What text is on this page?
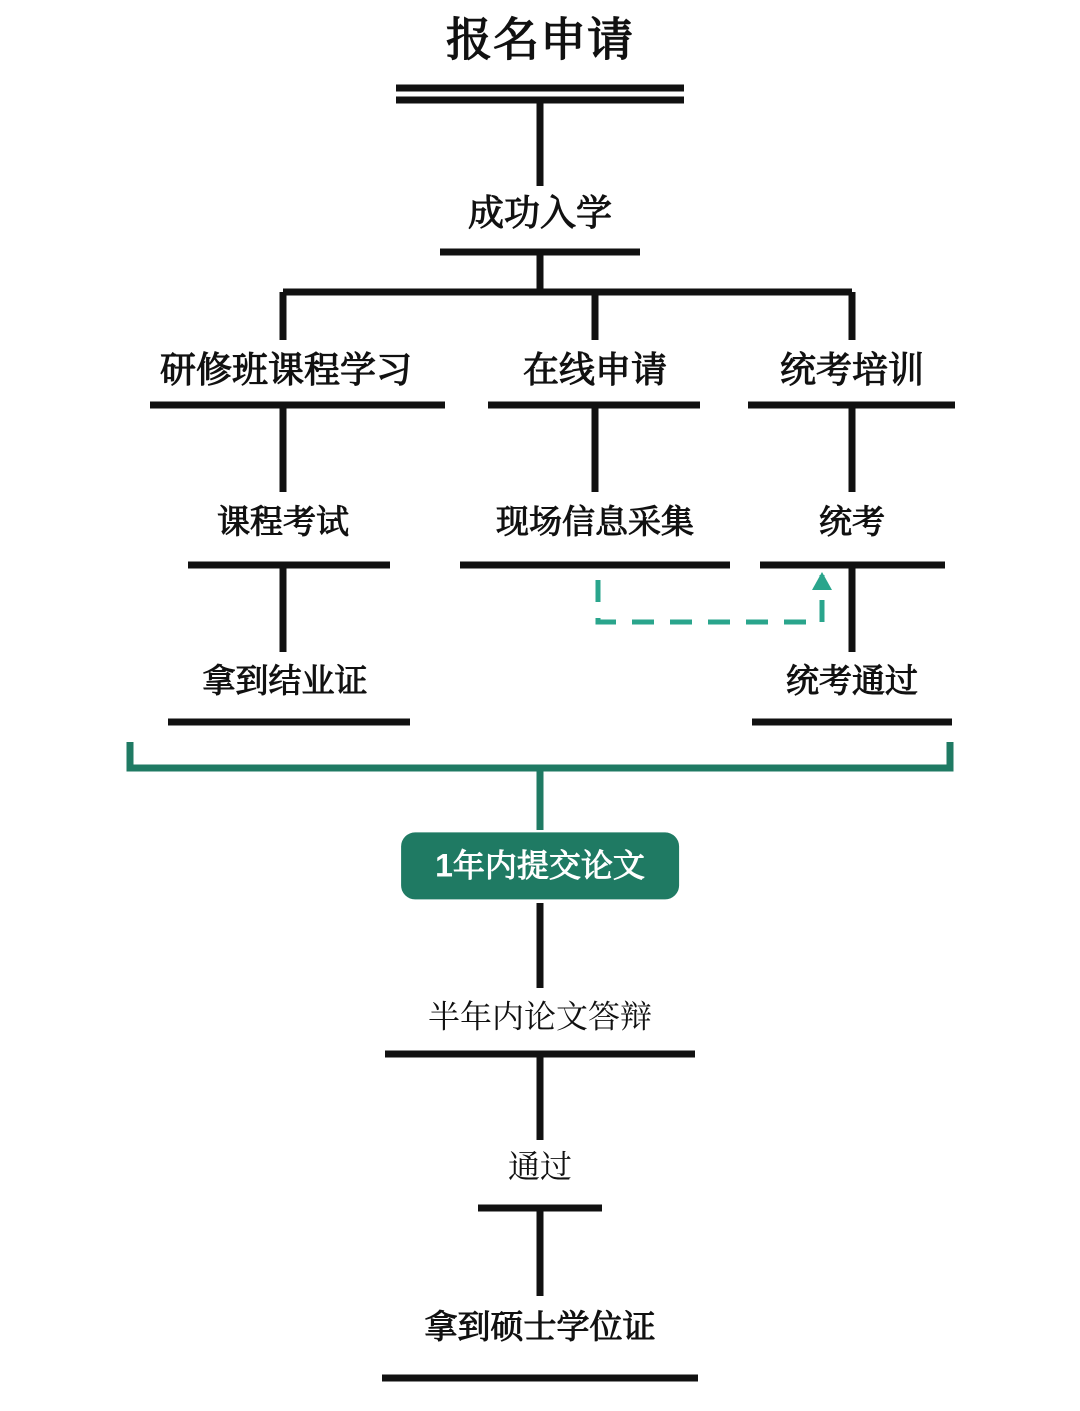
报名申请
成功入学
研修班课程学习	在线申请	统考培训
课程考试	现场信息采集	统考
拿到结业证	统考通过
1年内提交论文
半年内论文答辩
通过
拿到硕士学位证
